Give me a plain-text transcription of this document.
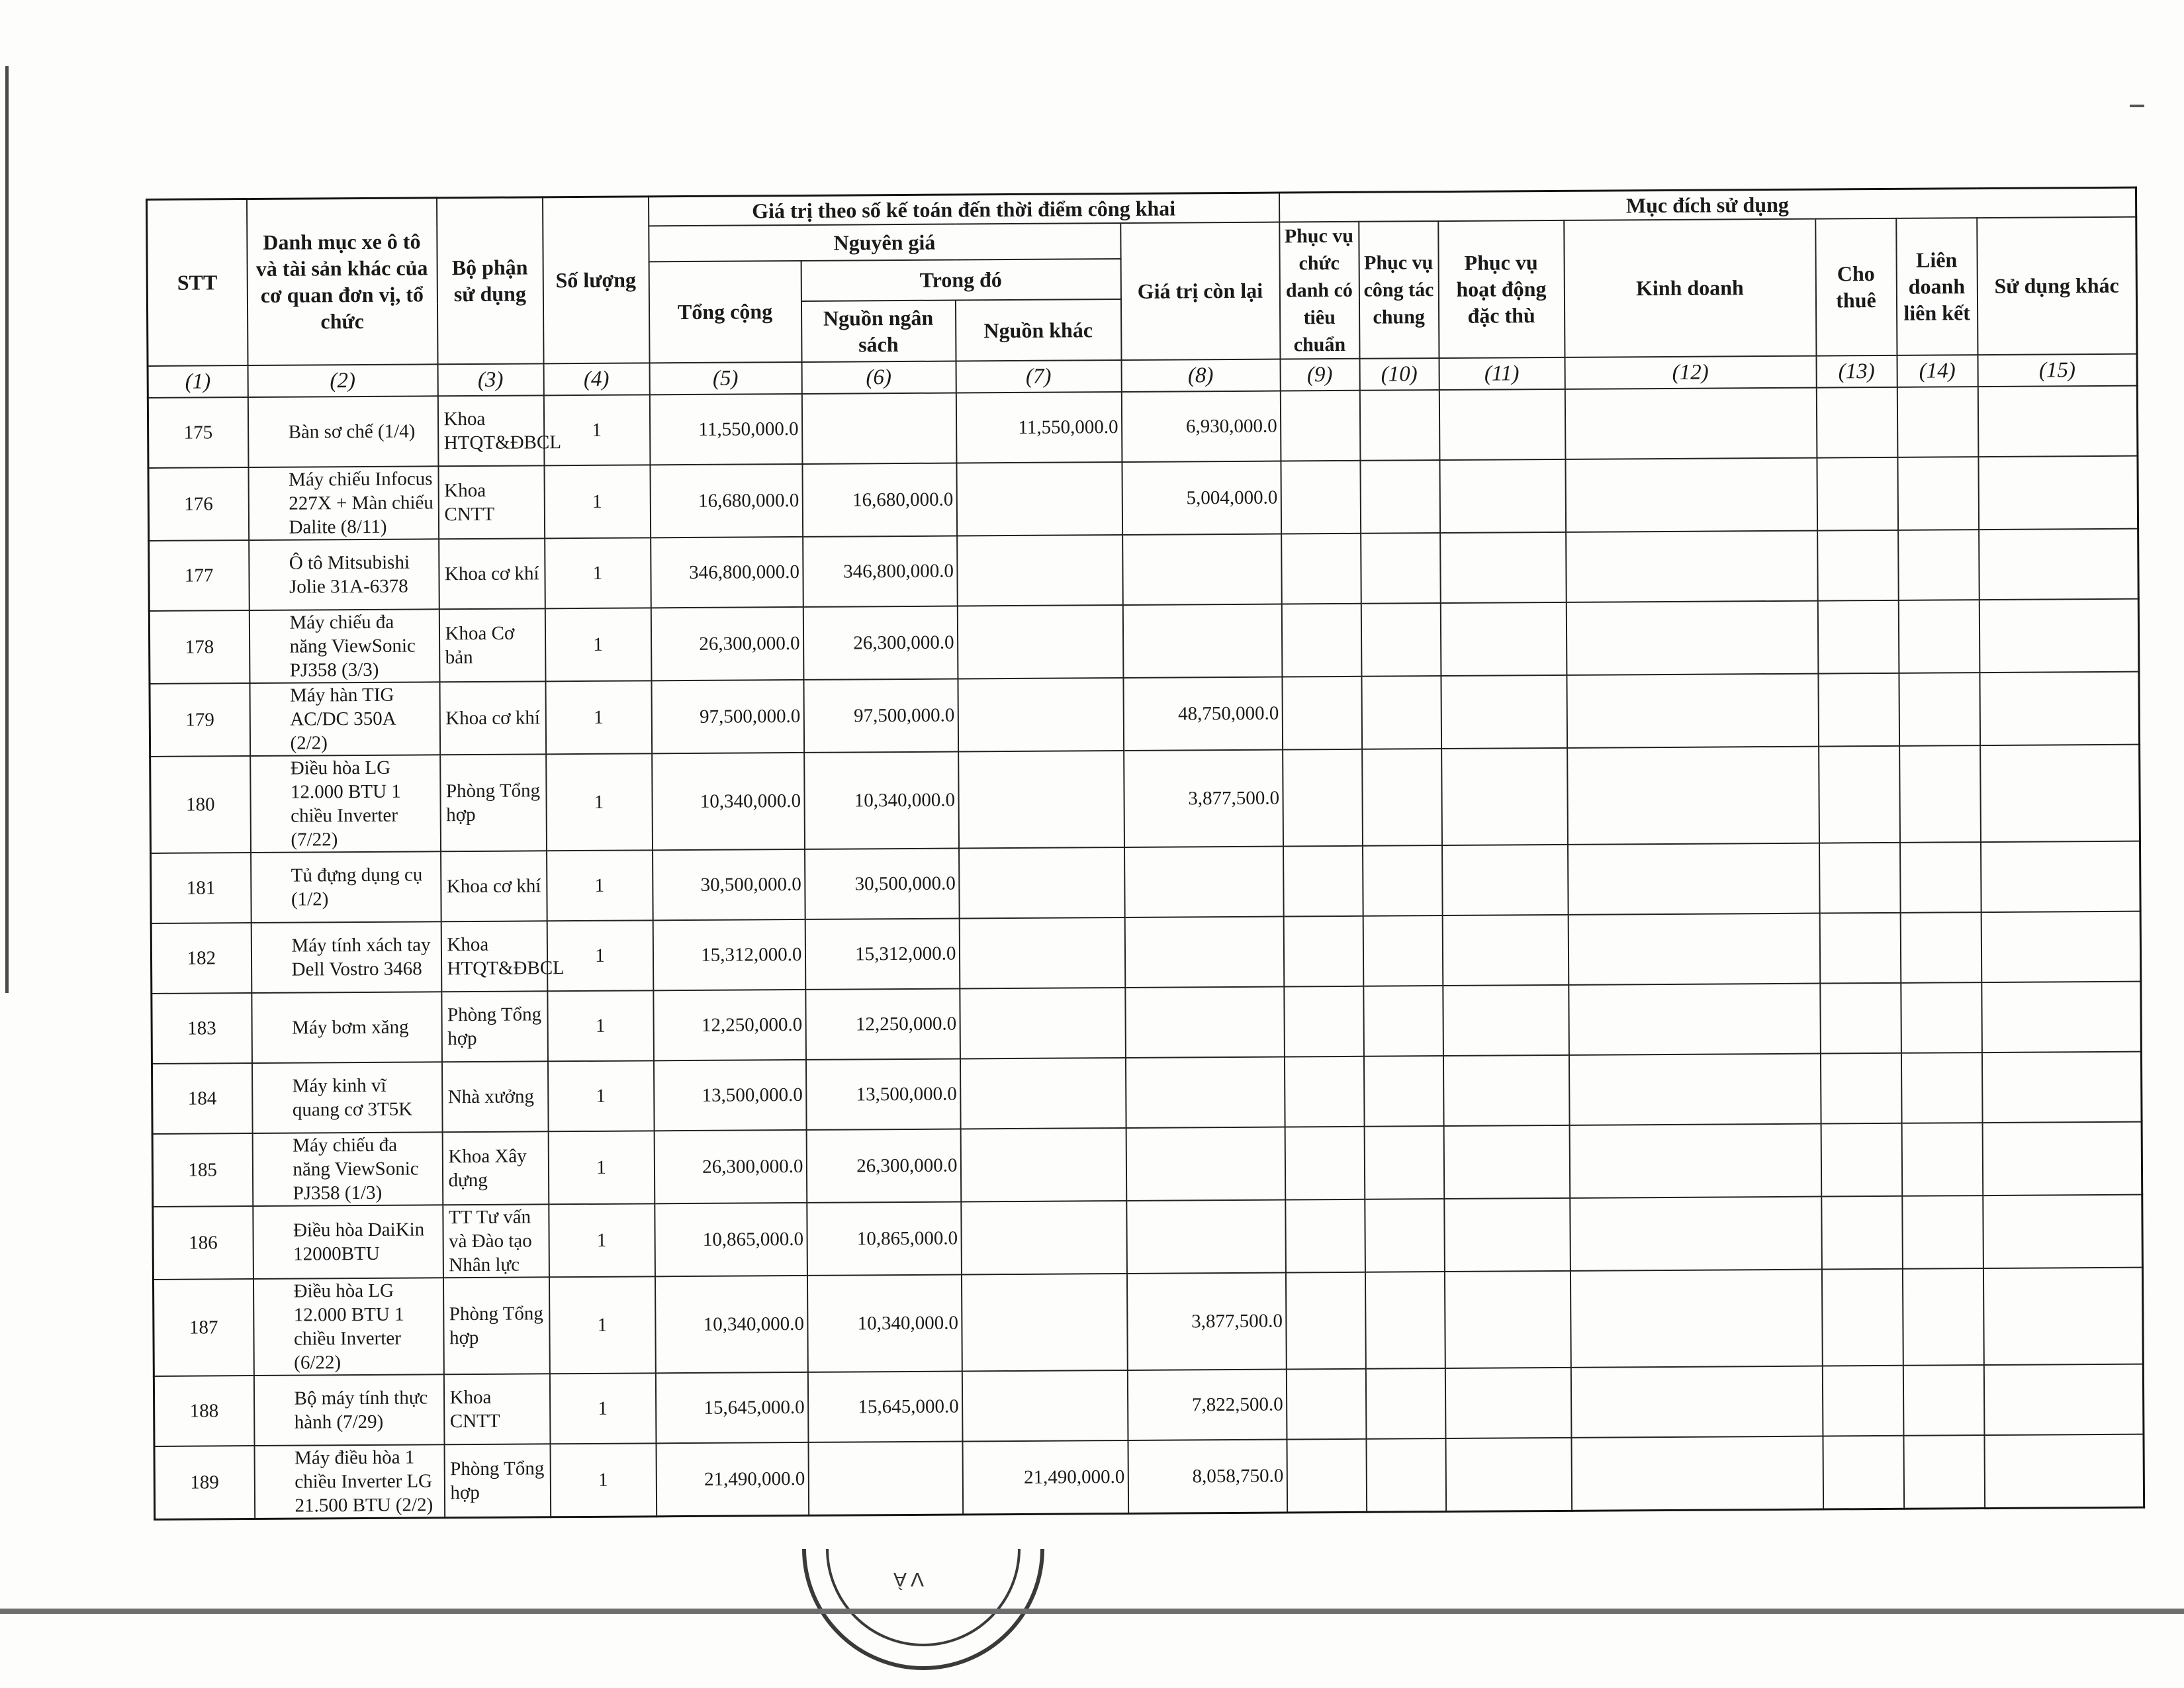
STT	Danh mục xe ô tô và tài sản khác của cơ quan đơn vị, tổ chức	Bộ phận sử dụng	Số lượng	Giá trị theo số kế toán đến thời điểm công khai				Mục đích sử dụng						
				Nguyên giá			Giá trị còn lại	Phục vụ chức danh có tiêu chuẩn	Phục vụ công tác chung	Phục vụ hoạt động đặc thù	Kinh doanh	Cho thuê	Liên doanh liên kết	Sử dụng khác
				Tổng cộng	Trong đó									
					Nguồn ngân sách	Nguồn khác								
(1)	(2)	(3)	(4)	(5)	(6)	(7)	(8)	(9)	(10)	(11)	(12)	(13)	(14)	(15)
175	Bàn sơ chế (1/4)	Khoa HTQT&ĐBCL	1	11,550,000.0		11,550,000.0	6,930,000.0							
176	Máy chiếu Infocus 227X + Màn chiếu Dalite (8/11)	Khoa CNTT	1	16,680,000.0	16,680,000.0		5,004,000.0							
177	Ô tô Mitsubishi Jolie 31A-6378	Khoa cơ khí	1	346,800,000.0	346,800,000.0									
178	Máy chiếu đa năng ViewSonic PJ358 (3/3)	Khoa Cơ bản	1	26,300,000.0	26,300,000.0									
179	Máy hàn TIG AC/DC 350A (2/2)	Khoa cơ khí	1	97,500,000.0	97,500,000.0		48,750,000.0							
180	Điều hòa LG 12.000 BTU 1 chiều Inverter (7/22)	Phòng Tổng hợp	1	10,340,000.0	10,340,000.0		3,877,500.0							
181	Tủ đựng dụng cụ (1/2)	Khoa cơ khí	1	30,500,000.0	30,500,000.0									
182	Máy tính xách tay Dell Vostro 3468	Khoa HTQT&ĐBCL	1	15,312,000.0	15,312,000.0									
183	Máy bơm xăng	Phòng Tổng hợp	1	12,250,000.0	12,250,000.0									
184	Máy kinh vĩ quang cơ 3T5K	Nhà xưởng	1	13,500,000.0	13,500,000.0									
185	Máy chiếu đa năng ViewSonic PJ358 (1/3)	Khoa Xây dựng	1	26,300,000.0	26,300,000.0									
186	Điều hòa DaiKin 12000BTU	TT Tư vấn và Đào tạo Nhân lực	1	10,865,000.0	10,865,000.0									
187	Điều hòa LG 12.000 BTU 1 chiều Inverter (6/22)	Phòng Tổng hợp	1	10,340,000.0	10,340,000.0		3,877,500.0							
188	Bộ máy tính thực hành (7/29)	Khoa CNTT	1	15,645,000.0	15,645,000.0		7,822,500.0							
189	Máy điều hòa 1 chiều Inverter LG 21.500 BTU (2/2)	Phòng Tổng hợp	1	21,490,000.0		21,490,000.0	8,058,750.0							
VÀ
